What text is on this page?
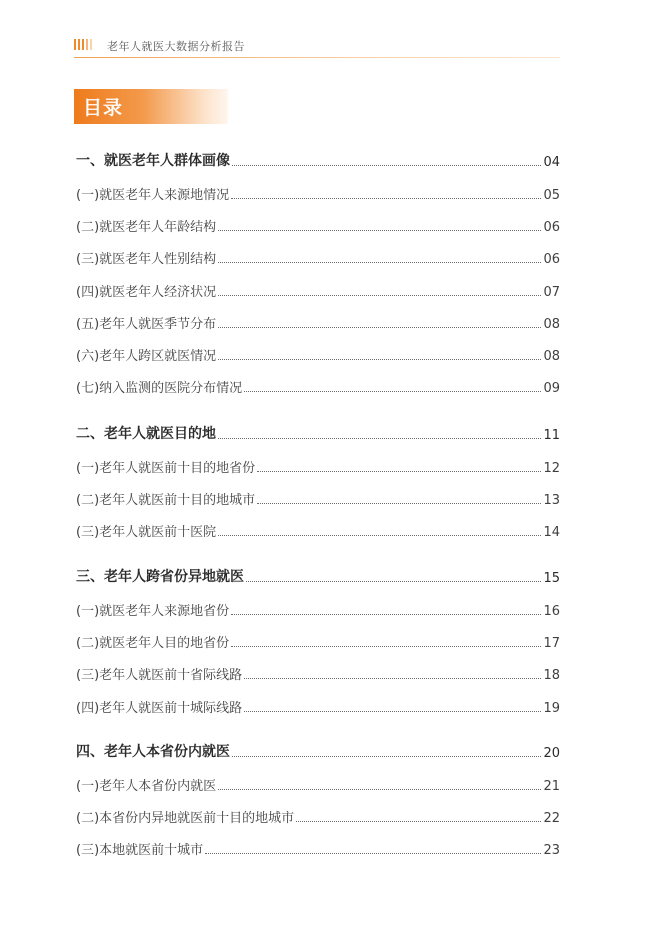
老年人就医大数据分析报告
目录
一、就医老年人群体画像	04
(一)就医老年人来源地情况	05
(二)就医老年人年龄结构	06
(三)就医老年人性别结构	06
(四)就医老年人经济状况	07
(五)老年人就医季节分布	08
(六)老年人跨区就医情况	08
(七)纳入监测的医院分布情况	09
二、老年人就医目的地	11
(一)老年人就医前十目的地省份	12
(二)老年人就医前十目的地城市	13
(三)老年人就医前十医院	14
三、老年人跨省份异地就医	15
(一)就医老年人来源地省份	16
(二)就医老年人目的地省份	17
(三)老年人就医前十省际线路	18
(四)老年人就医前十城际线路	19
四、老年人本省份内就医	20
(一)老年人本省份内就医	21
(二)本省份内异地就医前十目的地城市	22
(三)本地就医前十城市	23
